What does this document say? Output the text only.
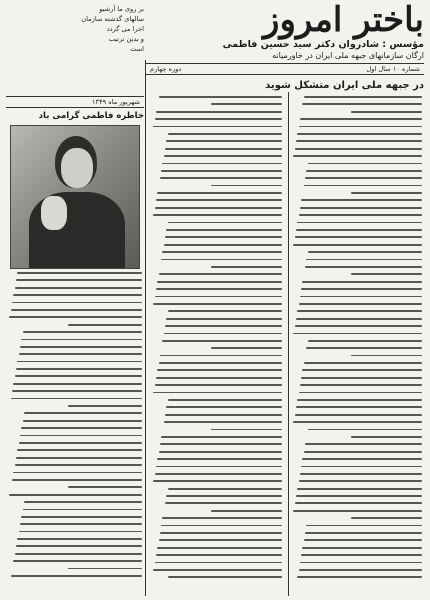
باختر امروز
مؤسس : شادروان دکتر سید حسین فاطمی
ارگان سازمانهای جبهه ملی ایران در خاورمیانه
بر روی ما آرشیو
سالهای گذشته سازمان
اجرا می گردد
و بدین ترتیب
است
شماره ۱۰ سال اول
دوره چهارم
در جبهه ملی ایران متشکل شوید
شهریور ماه ۱۳۴۹
خاطره فاطمی گرامی باد
